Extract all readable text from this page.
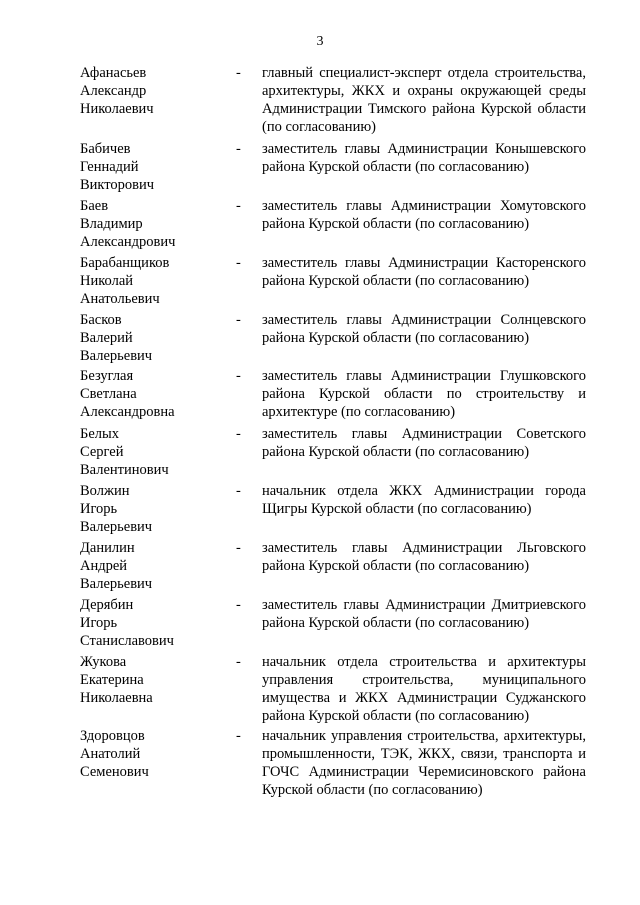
3
Афанасьев
Александр
Николаевич
- главный специалист-эксперт отдела строительства, архитектуры, ЖКХ и охраны окружающей среды Администрации Тимского района Курской области (по согласованию)
Бабичев
Геннадий
Викторович
- заместитель главы Администрации Конышевского района Курской области (по согласованию)
Баев
Владимир
Александрович
- заместитель главы Администрации Хомутовского района Курской области (по согласованию)
Барабанщиков
Николай
Анатольевич
- заместитель главы Администрации Касторенского района Курской области (по согласованию)
Басков
Валерий
Валерьевич
- заместитель главы Администрации Солнцевского района Курской области (по согласованию)
Безуглая
Светлана
Александровна
- заместитель главы Администрации Глушковского района Курской области по строительству и архитектуре (по согласованию)
Белых
Сергей
Валентинович
- заместитель главы Администрации Советского района Курской области (по согласованию)
Волжин
Игорь
Валерьевич
- начальник отдела ЖКХ Администрации города Щигры Курской области (по согласованию)
Данилин
Андрей
Валерьевич
- заместитель главы Администрации Льговского района Курской области (по согласованию)
Дерябин
Игорь
Станиславович
- заместитель главы Администрации Дмитриевского района Курской области (по согласованию)
Жукова
Екатерина
Николаевна
- начальник отдела строительства и архитектуры управления строительства, муниципального имущества и ЖКХ Администрации Суджанского района Курской области (по согласованию)
Здоровцов
Анатолий
Семенович
- начальник управления строительства, архитектуры, промышленности, ТЭК, ЖКХ, связи, транспорта и ГОЧС Администрации Черемисиновского района Курской области (по согласованию)
